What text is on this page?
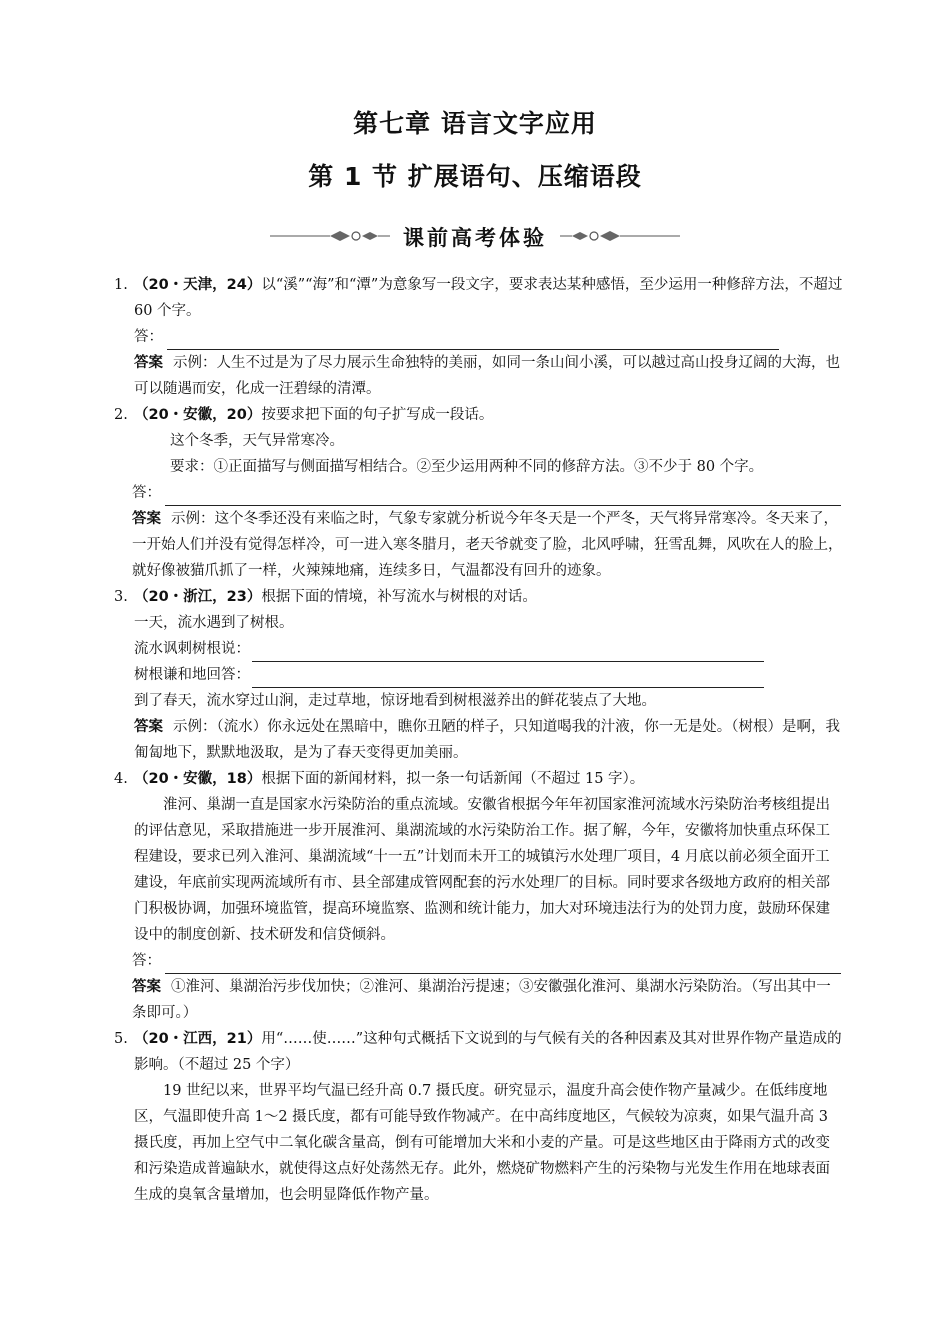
第七章 语言文字应用
第 1 节 扩展语句、压缩语段
课前高考体验
1. （20・天津，24）以“溪”“海”和“潭”为意象写一段文字，要求表达某种感悟，至少运用一种修辞方法，不超过 60 个字。
答：
答案 示例：人生不过是为了尽力展示生命独特的美丽，如同一条山间小溪，可以越过高山投身辽阔的大海，也可以随遇而安，化成一汪碧绿的清潭。
2. （20・安徽，20）按要求把下面的句子扩写成一段话。
这个冬季，天气异常寒冷。
要求：①正面描写与侧面描写相结合。②至少运用两种不同的修辞方法。③不少于 80 个字。
答：
答案 示例：这个冬季还没有来临之时，气象专家就分析说今年冬天是一个严冬，天气将异常寒冷。冬天来了，一开始人们并没有觉得怎样冷，可一进入寒冬腊月，老天爷就变了脸，北风呼啸，狂雪乱舞，风吹在人的脸上，就好像被猫爪抓了一样，火辣辣地痛，连续多日，气温都没有回升的迹象。
3. （20・浙江，23）根据下面的情境，补写流水与树根的对话。
一天，流水遇到了树根。
流水讽刺树根说：
树根谦和地回答：
到了春天，流水穿过山涧，走过草地，惊讶地看到树根滋养出的鲜花装点了大地。
答案 示例：（流水）你永远处在黑暗中，瞧你丑陋的样子，只知道喝我的汁液，你一无是处。（树根）是啊，我匍匐地下，默默地汲取，是为了春天变得更加美丽。
4. （20・安徽，18）根据下面的新闻材料，拟一条一句话新闻（不超过 15 字）。
淮河、巢湖一直是国家水污染防治的重点流域。安徽省根据今年年初国家淮河流域水污染防治考核组提出的评估意见，采取措施进一步开展淮河、巢湖流域的水污染防治工作。据了解，今年，安徽将加快重点环保工程建设，要求已列入淮河、巢湖流域“十一五”计划而未开工的城镇污水处理厂项目，4 月底以前必须全面开工建设，年底前实现两流域所有市、县全部建成管网配套的污水处理厂的目标。同时要求各级地方政府的相关部门积极协调，加强环境监管，提高环境监察、监测和统计能力，加大对环境违法行为的处罚力度，鼓励环保建设中的制度创新、技术研发和信贷倾斜。
答：
答案 ①淮河、巢湖治污步伐加快；②淮河、巢湖治污提速；③安徽强化淮河、巢湖水污染防治。（写出其中一条即可。）
5. （20・江西，21）用“……使……”这种句式概括下文说到的与气候有关的各种因素及其对世界作物产量造成的影响。（不超过 25 个字）
19 世纪以来，世界平均气温已经升高 0.7 摄氏度。研究显示，温度升高会使作物产量减少。在低纬度地区，气温即使升高 1～2 摄氏度，都有可能导致作物减产。在中高纬度地区，气候较为凉爽，如果气温升高 3 摄氏度，再加上空气中二氧化碳含量高，倒有可能增加大米和小麦的产量。可是这些地区由于降雨方式的改变和污染造成普遍缺水，就使得这点好处荡然无存。此外，燃烧矿物燃料产生的污染物与光发生作用在地球表面生成的臭氧含量增加，也会明显降低作物产量。
